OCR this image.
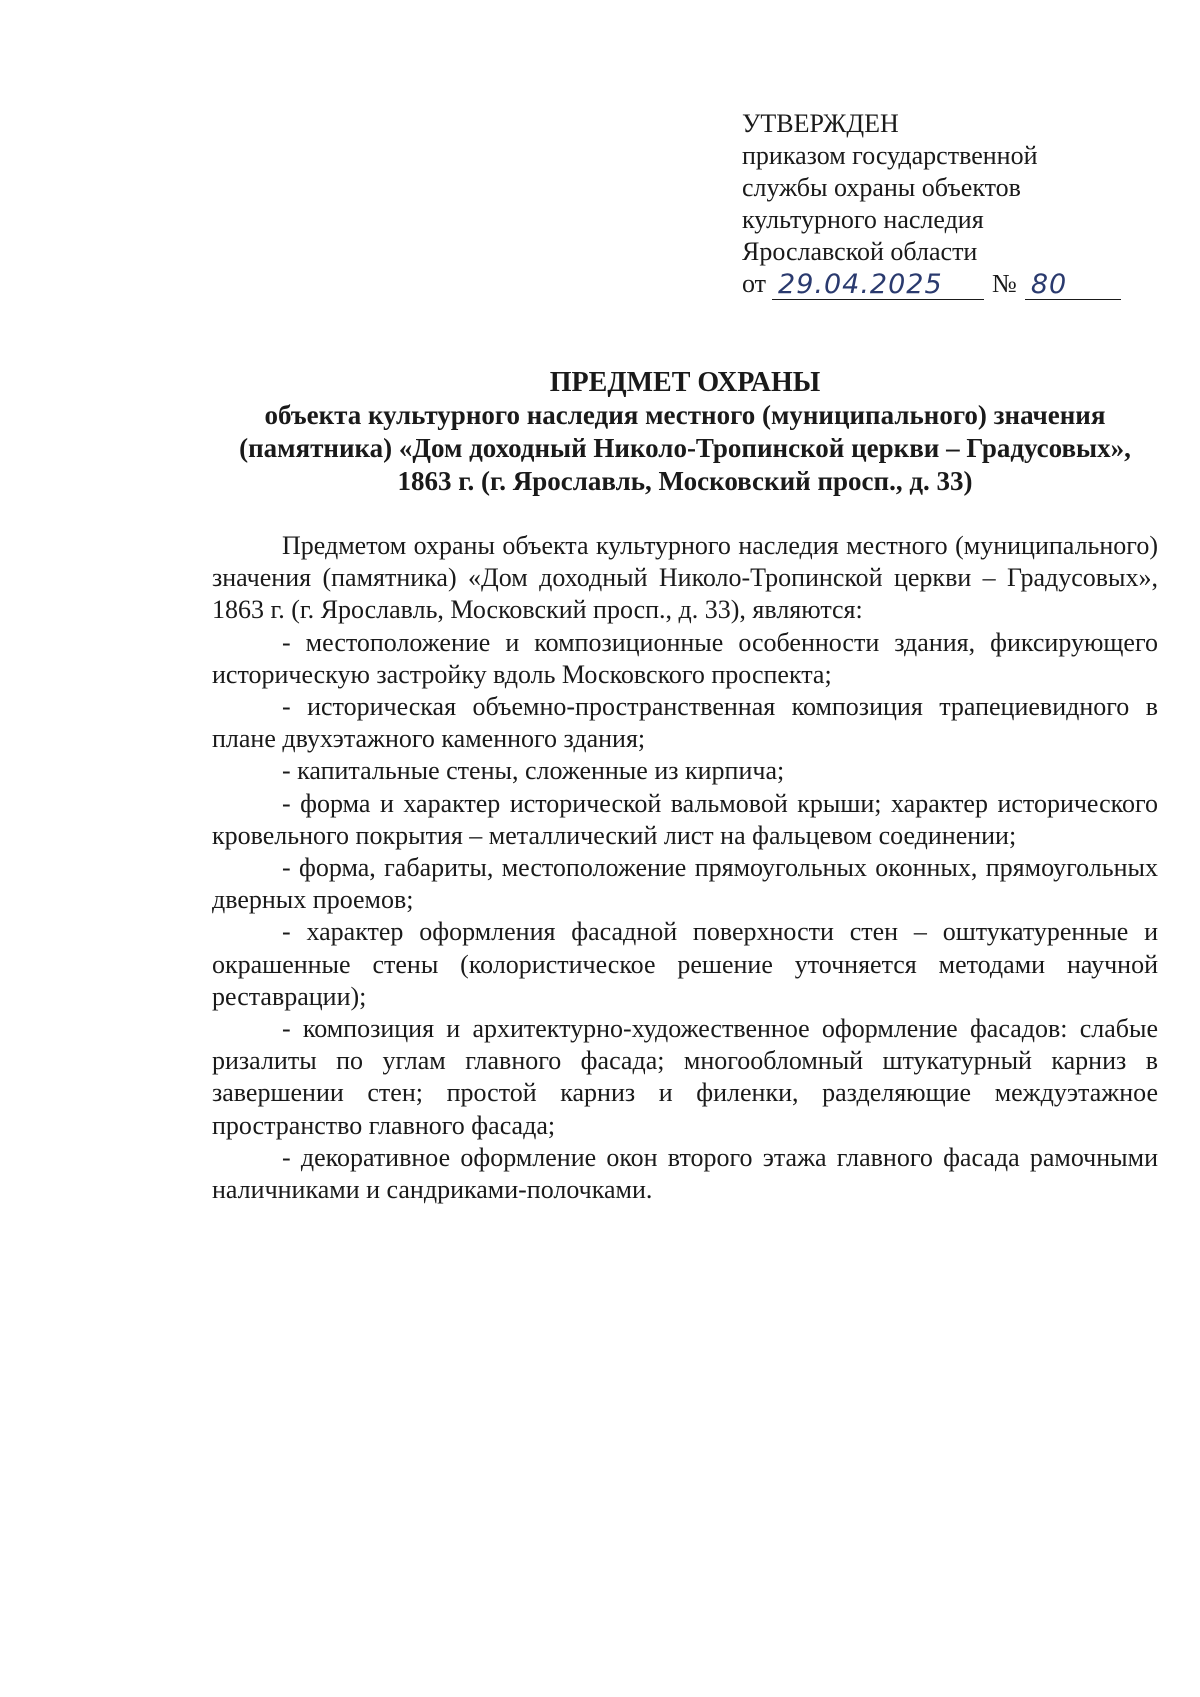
УТВЕРЖДЕН
приказом государственной
службы охраны объектов
культурного наследия
Ярославской области
от 29.04.2025 № 80
ПРЕДМЕТ ОХРАНЫ
объекта культурного наследия местного (муниципального) значения
(памятника) «Дом доходный Николо-Тропинской церкви – Градусовых»,
1863 г. (г. Ярославль, Московский просп., д. 33)

Предметом охраны объекта культурного наследия местного (муниципального) значения (памятника) «Дом доходный Николо-Тропинской церкви – Градусовых», 1863 г. (г. Ярославль, Московский просп., д. 33), являются:

- местоположение и композиционные особенности здания, фиксирующего историческую застройку вдоль Московского проспекта;

- историческая объемно-пространственная композиция трапециевидного в плане двухэтажного каменного здания;

- капитальные стены, сложенные из кирпича;

- форма и характер исторической вальмовой крыши; характер исторического кровельного покрытия – металлический лист на фальцевом соединении;

- форма, габариты, местоположение прямоугольных оконных, прямоугольных дверных проемов;

- характер оформления фасадной поверхности стен – оштукатуренные и окрашенные стены (колористическое решение уточняется методами научной реставрации);

- композиция и архитектурно-художественное оформление фасадов: слабые ризалиты по углам главного фасада; многообломный штукатурный карниз в завершении стен; простой карниз и филенки, разделяющие междуэтажное пространство главного фасада;

- декоративное оформление окон второго этажа главного фасада рамочными наличниками и сандриками-полочками.
